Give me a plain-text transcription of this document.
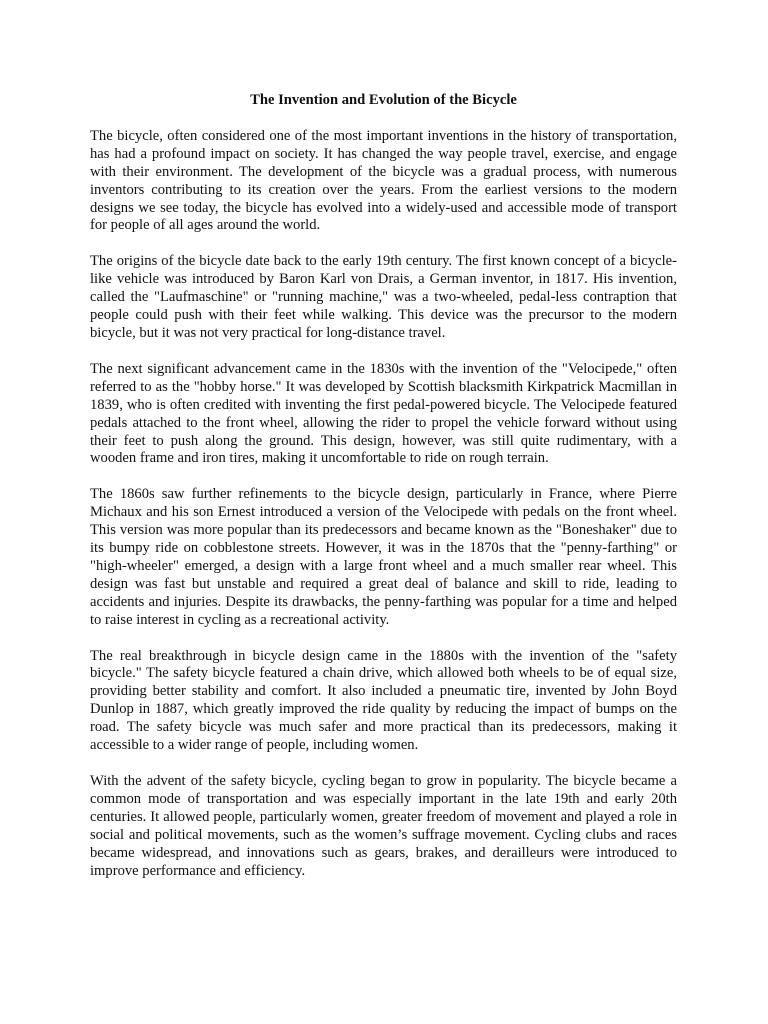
The Invention and Evolution of the Bicycle

The bicycle, often considered one of the most important inventions in the history of transportation, has had a profound impact on society. It has changed the way people travel, exercise, and engage with their environment. The development of the bicycle was a gradual process, with numerous inventors contributing to its creation over the years. From the earliest versions to the modern designs we see today, the bicycle has evolved into a widely-used and accessible mode of transport for people of all ages around the world.

The origins of the bicycle date back to the early 19th century. The first known concept of a bicycle-like vehicle was introduced by Baron Karl von Drais, a German inventor, in 1817. His invention, called the "Laufmaschine" or "running machine," was a two-wheeled, pedal-less contraption that people could push with their feet while walking. This device was the precursor to the modern bicycle, but it was not very practical for long-distance travel.

The next significant advancement came in the 1830s with the invention of the "Velocipede," often referred to as the "hobby horse." It was developed by Scottish blacksmith Kirkpatrick Macmillan in 1839, who is often credited with inventing the first pedal-powered bicycle. The Velocipede featured pedals attached to the front wheel, allowing the rider to propel the vehicle forward without using their feet to push along the ground. This design, however, was still quite rudimentary, with a wooden frame and iron tires, making it uncomfortable to ride on rough terrain.

The 1860s saw further refinements to the bicycle design, particularly in France, where Pierre Michaux and his son Ernest introduced a version of the Velocipede with pedals on the front wheel. This version was more popular than its predecessors and became known as the "Boneshaker" due to its bumpy ride on cobblestone streets. However, it was in the 1870s that the "penny-farthing" or "high-wheeler" emerged, a design with a large front wheel and a much smaller rear wheel. This design was fast but unstable and required a great deal of balance and skill to ride, leading to accidents and injuries. Despite its drawbacks, the penny-farthing was popular for a time and helped to raise interest in cycling as a recreational activity.

The real breakthrough in bicycle design came in the 1880s with the invention of the "safety bicycle." The safety bicycle featured a chain drive, which allowed both wheels to be of equal size, providing better stability and comfort. It also included a pneumatic tire, invented by John Boyd Dunlop in 1887, which greatly improved the ride quality by reducing the impact of bumps on the road. The safety bicycle was much safer and more practical than its predecessors, making it accessible to a wider range of people, including women.

With the advent of the safety bicycle, cycling began to grow in popularity. The bicycle became a common mode of transportation and was especially important in the late 19th and early 20th centuries. It allowed people, particularly women, greater freedom of movement and played a role in social and political movements, such as the women’s suffrage movement. Cycling clubs and races became widespread, and innovations such as gears, brakes, and derailleurs were introduced to improve performance and efficiency.
